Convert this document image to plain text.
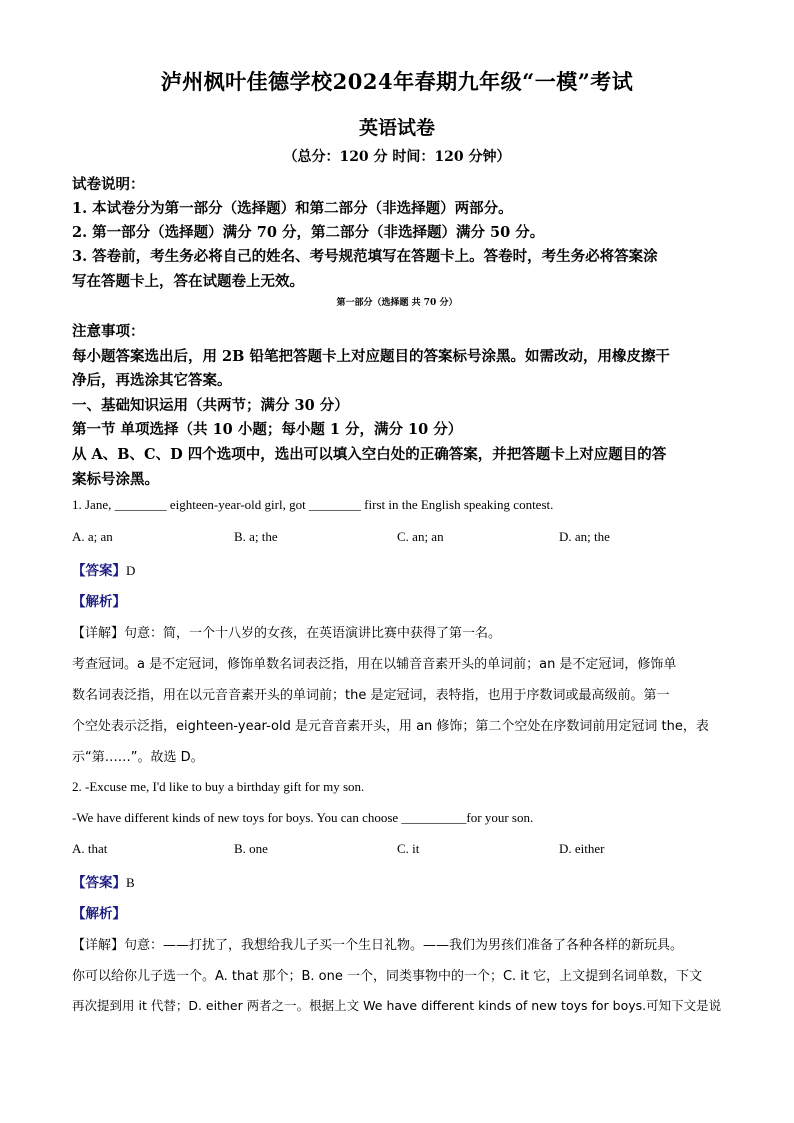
泸州枫叶佳德学校2024年春期九年级“一模”考试
英语试卷
（总分：120 分 时间：120 分钟）
试卷说明：
1. 本试卷分为第一部分（选择题）和第二部分（非选择题）两部分。
2. 第一部分（选择题）满分 70 分，第二部分（非选择题）满分 50 分。
3. 答卷前，考生务必将自己的姓名、考号规范填写在答题卡上。答卷时，考生务必将答案涂
写在答题卡上，答在试题卷上无效。
第一部分（选择题 共 70 分）
注意事项：
每小题答案选出后，用 2B 铅笔把答题卡上对应题目的答案标号涂黑。如需改动，用橡皮擦干
净后，再选涂其它答案。
一、基础知识运用（共两节；满分 30 分）
第一节 单项选择（共 10 小题；每小题 1 分，满分 10 分）
从 A、B、C、D 四个选项中，选出可以填入空白处的正确答案，并把答题卡上对应题目的答
案标号涂黑。
1. Jane, ________ eighteen-year-old girl, got ________ first in the English speaking contest.
A. a; an	B. a; the	C. an; an	D. an; the
【答案】D
【解析】
【详解】句意：简，一个十八岁的女孩，在英语演讲比赛中获得了第一名。
考查冠词。a 是不定冠词，修饰单数名词表泛指，用在以辅音音素开头的单词前；an 是不定冠词，修饰单
数名词表泛指，用在以元音音素开头的单词前；the 是定冠词，表特指，也用于序数词或最高级前。第一
个空处表示泛指，eighteen-year-old 是元音音素开头，用 an 修饰；第二个空处在序数词前用定冠词 the，表
示“第……”。故选 D。
2. -Excuse me, I'd like to buy a birthday gift for my son.
-We have different kinds of new toys for boys. You can choose __________for your son.
A. that	B. one	C. it	D. either
【答案】B
【解析】
【详解】句意：——打扰了，我想给我儿子买一个生日礼物。——我们为男孩们准备了各种各样的新玩具。
你可以给你儿子选一个。A. that 那个；B. one 一个，同类事物中的一个；C. it 它，上文提到名词单数，下文
再次提到用 it 代替；D. either 两者之一。根据上文 We have different kinds of new toys for boys.可知下文是说
